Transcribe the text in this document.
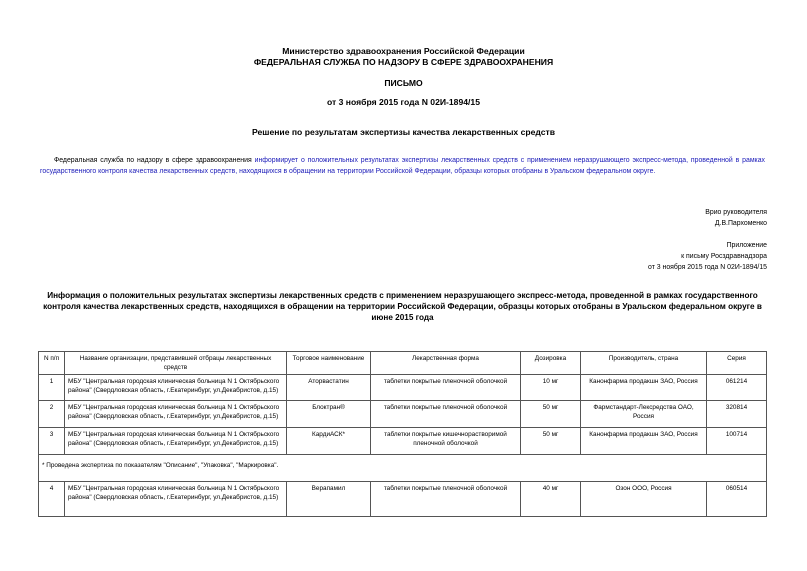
Министерство здравоохранения Российской Федерации
ФЕДЕРАЛЬНАЯ СЛУЖБА ПО НАДЗОРУ В СФЕРЕ ЗДРАВООХРАНЕНИЯ
ПИСЬМО
от 3 ноября 2015 года N 02И-1894/15
Решение по результатам экспертизы качества лекарственных средств
Федеральная служба по надзору в сфере здравоохранения информирует о положительных результатах экспертизы лекарственных средств с применением неразрушающего экспресс-метода, проведенной в рамках государственного контроля качества лекарственных средств, находящихся в обращении на территории Российской Федерации, образцы которых отобраны в Уральском федеральном округе.
Врио руководителя
Д.В.Пархоменко
Приложение
к письму Росздравнадзора
от 3 ноября 2015 года N 02И-1894/15
Информация о положительных результатах экспертизы лекарственных средств с применением неразрушающего экспресс-метода, проведенной в рамках государственного контроля качества лекарственных средств, находящихся в обращении на территории Российской Федерации, образцы которых отобраны в Уральском федеральном округе в июне 2015 года
N п/п	Название организации, представившей отбрацы лекарственных средств	Торговое наименование	Лекарственная форма	Дозировка	Производитель, страна	Серия
1	МБУ "Центральная городская клиническая больница N 1 Октябрьского района" (Свердловская область, г.Екатеринбург, ул.Декабристов, д.15)	Аторвастатин	таблетки покрытые пленочной оболочкой	10 мг	Канонфарма продакшн ЗАО, Россия	061214
2	МБУ "Центральная городская клиническая больница N 1 Октябрьского района" (Свердловская область, г.Екатеринбург, ул.Декабристов, д.15)	Блоктран®	таблетки покрытые пленочной оболочкой	50 мг	Фармстандарт-Лексредства ОАО, Россия	320814
3	МБУ "Центральная городская клиническая больница N 1 Октябрьского района" (Свердловская область, г.Екатеринбург, ул.Декабристов, д.15)	КардиАСК*	таблетки покрытые кишечнорастворимой пленочной оболочкой	50 мг	Канонфарма продакшн ЗАО, Россия	100714
* Проведена экспертиза по показателям "Описание", "Упаковка", "Маркировка".						
4	МБУ "Центральная городская клиническая больница N 1 Октябрьского района" (Свердловская область, г.Екатеринбург, ул.Декабристов, д.15)	Верапамил	таблетки покрытые пленочной оболочкой	40 мг	Озон ООО, Россия	060514
